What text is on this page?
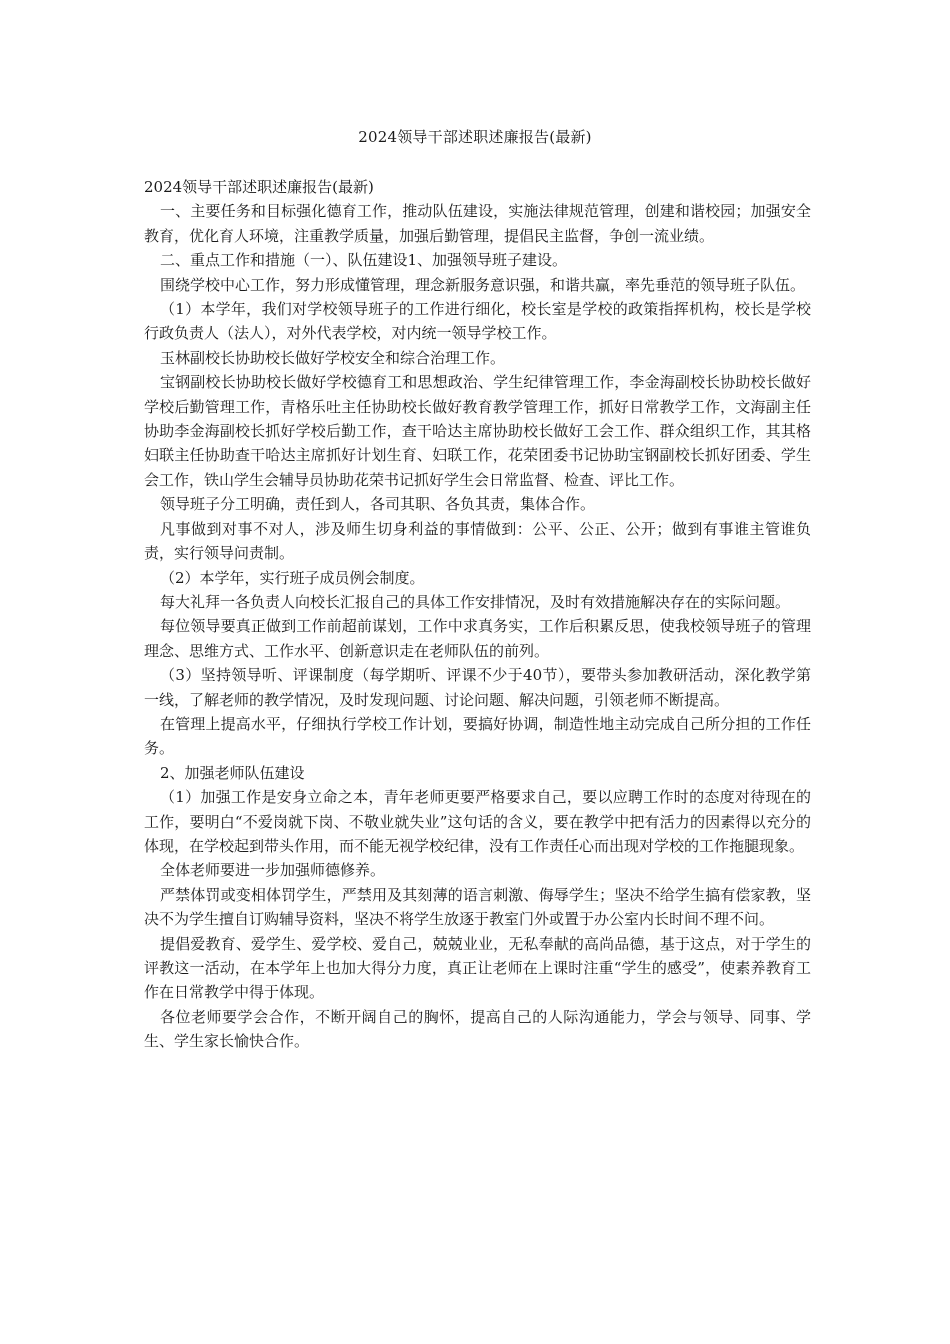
2024领导干部述职述廉报告(最新)

2024领导干部述职述廉报告(最新)

一、主要任务和目标强化德育工作，推动队伍建设，实施法律规范管理，创建和谐校园；加强安全教育，优化育人环境，注重教学质量，加强后勤管理，提倡民主监督，争创一流业绩。

二、重点工作和措施（一）、队伍建设1、加强领导班子建设。

围绕学校中心工作，努力形成懂管理，理念新服务意识强，和谐共赢，率先垂范的领导班子队伍。

（1）本学年，我们对学校领导班子的工作进行细化，校长室是学校的政策指挥机构，校长是学校行政负责人（法人），对外代表学校，对内统一领导学校工作。

玉林副校长协助校长做好学校安全和综合治理工作。

宝钢副校长协助校长做好学校德育工和思想政治、学生纪律管理工作，李金海副校长协助校长做好学校后勤管理工作，青格乐吐主任协助校长做好教育教学管理工作，抓好日常教学工作，文海副主任协助李金海副校长抓好学校后勤工作，查干哈达主席协助校长做好工会工作、群众组织工作，其其格妇联主任协助查干哈达主席抓好计划生育、妇联工作，花荣团委书记协助宝钢副校长抓好团委、学生会工作，铁山学生会辅导员协助花荣书记抓好学生会日常监督、检查、评比工作。

领导班子分工明确，责任到人，各司其职、各负其责，集体合作。

凡事做到对事不对人，涉及师生切身利益的事情做到：公平、公正、公开；做到有事谁主管谁负责，实行领导问责制。

（2）本学年，实行班子成员例会制度。

每大礼拜一各负责人向校长汇报自己的具体工作安排情况，及时有效措施解决存在的实际问题。

每位领导要真正做到工作前超前谋划，工作中求真务实，工作后积累反思，使我校领导班子的管理理念、思维方式、工作水平、创新意识走在老师队伍的前列。

（3）坚持领导听、评课制度（每学期听、评课不少于40节），要带头参加教研活动，深化教学第一线，了解老师的教学情况，及时发现问题、讨论问题、解决问题，引领老师不断提高。

在管理上提高水平，仔细执行学校工作计划，要搞好协调，制造性地主动完成自己所分担的工作任务。

2、加强老师队伍建设

（1）加强工作是安身立命之本，青年老师更要严格要求自己，要以应聘工作时的态度对待现在的工作，要明白“不爱岗就下岗、不敬业就失业”这句话的含义，要在教学中把有活力的因素得以充分的体现，在学校起到带头作用，而不能无视学校纪律，没有工作责任心而出现对学校的工作拖腿现象。

全体老师要进一步加强师德修养。

严禁体罚或变相体罚学生，严禁用及其刻薄的语言刺激、侮辱学生；坚决不给学生搞有偿家教，坚决不为学生擅自订购辅导资料，坚决不将学生放逐于教室门外或置于办公室内长时间不理不问。

提倡爱教育、爱学生、爱学校、爱自己，兢兢业业，无私奉献的高尚品德，基于这点，对于学生的评教这一活动，在本学年上也加大得分力度，真正让老师在上课时注重“学生的感受”，使素养教育工作在日常教学中得于体现。

各位老师要学会合作，不断开阔自己的胸怀，提高自己的人际沟通能力，学会与领导、同事、学生、学生家长愉快合作。
